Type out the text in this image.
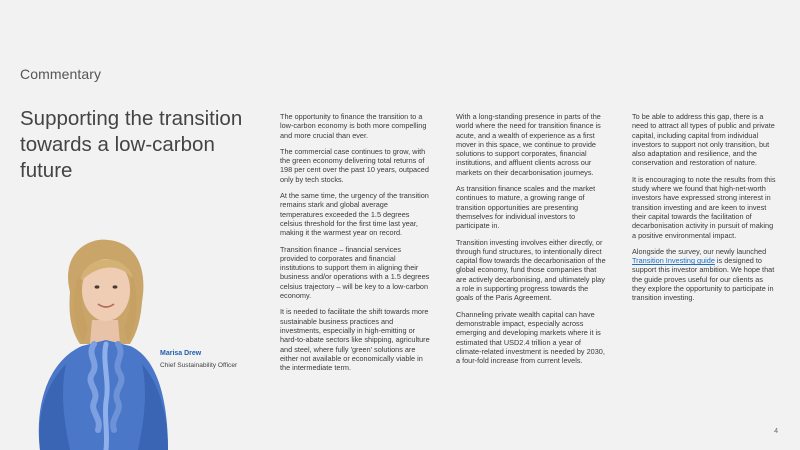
Commentary
Supporting the transition towards a low-carbon future
Marisa Drew
Chief Sustainability Officer

The opportunity to finance the transition to a low-carbon economy is both more compelling and more crucial than ever.

The commercial case continues to grow, with the green economy delivering total returns of 198 per cent over the past 10 years, outpaced only by tech stocks.

At the same time, the urgency of the transition remains stark and global average temperatures exceeded the 1.5 degrees celsius threshold for the first time last year, making it the warmest year on record.

Transition finance – financial services provided to corporates and financial institutions to support them in aligning their business and/or operations with a 1.5 degrees celsius trajectory – will be key to a low-carbon economy.

It is needed to facilitate the shift towards more sustainable business practices and investments, especially in high-emitting or hard-to-abate sectors like shipping, agriculture and steel, where fully 'green' solutions are either not available or economically viable in the intermediate term.

With a long-standing presence in parts of the world where the need for transition finance is acute, and a wealth of experience as a first mover in this space, we continue to provide solutions to support corporates, financial institutions, and affluent clients across our markets on their decarbonisation journeys.

As transition finance scales and the market continues to mature, a growing range of transition opportunities are presenting themselves for individual investors to participate in.

Transition investing involves either directly, or through fund structures, to intentionally direct capital flow towards the decarbonisation of the global economy, fund those companies that are actively decarbonising, and ultimately play a role in supporting progress towards the goals of the Paris Agreement.

Channeling private wealth capital can have demonstrable impact, especially across emerging and developing markets where it is estimated that USD2.4 trillion a year of climate-related investment is needed by 2030, a four-fold increase from current levels.

To be able to address this gap, there is a need to attract all types of public and private capital, including capital from individual investors to support not only transition, but also adaptation and resilience, and the conservation and restoration of nature.

It is encouraging to note the results from this study where we found that high-net-worth investors have expressed strong interest in transition investing and are keen to invest their capital towards the facilitation of decarbonisation activity in pursuit of making a positive environmental impact.

Alongside the survey, our newly launched Transition Investing guide is designed to support this investor ambition. We hope that the guide proves useful for our clients as they explore the opportunity to participate in transition investing.

4
